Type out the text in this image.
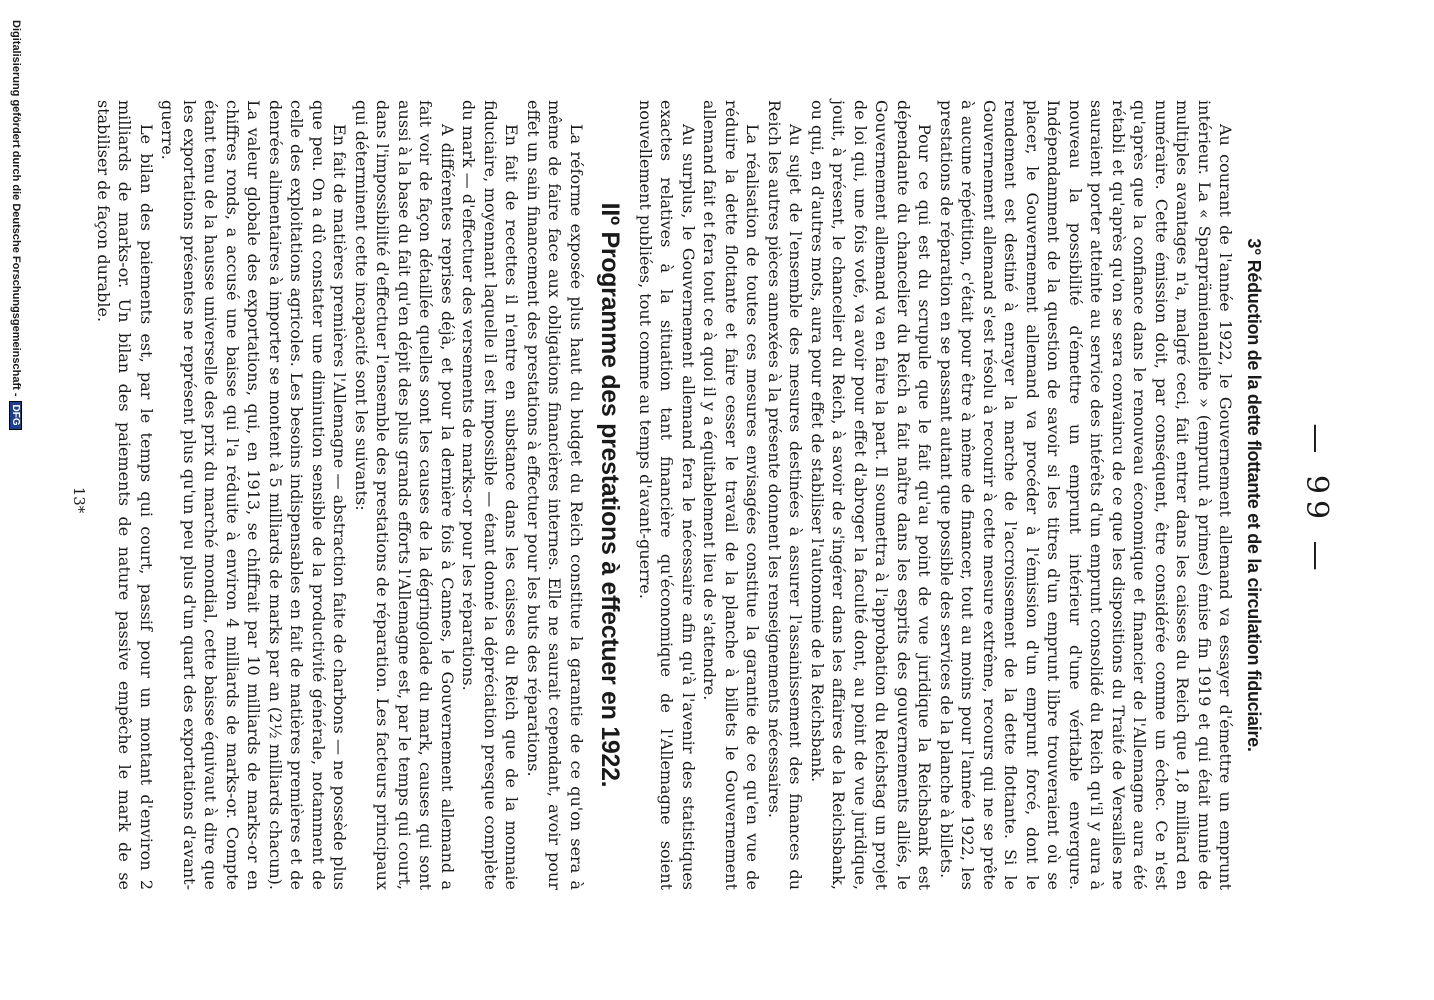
— 99 —
3° Réduction de la dette flottante et de la circulation fiduciaire.

Au courant de l'année 1922, le Gouvernement allemand va essayer d'émettre un emprunt intérieur. La « Sparprämienanleihe » (emprunt à primes) émise fin 1919 et qui était munie de multiples avantages n'a, malgré ceci, fait entrer dans les caisses du Reich que 1,8 milliard en numéraire. Cette émission doit, par conséquent, être considérée comme un échec. Ce n'est qu'après que la confiance dans le renouveau économique et financier de l'Allemagne aura été rétabli et qu'après qu'on se sera convaincu de ce que les dispositions du Traité de Versailles ne sauraient porter atteinte au service des intérêts d'un emprunt consolidé du Reich qu'il y aura à nouveau la possibilité d'émettre un emprunt intérieur d'une véritable envergure. Indépendamment de la question de savoir si les titres d'un emprunt libre trouveraient où se placer, le Gouvernement allemand va procéder à l'émission d'un emprunt forcé, dont le rendement est destiné à enrayer la marche de l'accroissement de la dette flottante. Si le Gouvernement allemand s'est résolu à recourir à cette mesure extrême, recours qui ne se prête à aucune répétition, c'était pour être à même de financer, tout au moins pour l'année 1922, les prestations de réparation en se passant autant que possible des services de la planche à billets.

Pour ce qui est du scrupule que le fait qu'au point de vue juridique la Reichsbank est dépendante du chancelier du Reich a fait naître dans les esprits des gouvernements alliés, le Gouvernement allemand va en faire la part. Il soumettra à l'approbation du Reichstag un projet de loi qui, une fois voté, va avoir pour effet d'abroger la faculté dont, au point de vue juridique, jouit, à présent, le chancelier du Reich, à savoir de s'ingérer dans les affaires de la Reichsbank, ou qui, en d'autres mots, aura pour effet de stabiliser l'autonomie de la Reichsbank.

Au sujet de l'ensemble des mesures destinées à assurer l'assainissement des finances du Reich les autres pièces annexées à la présente donnent les renseignements nécessaires.

La réalisation de toutes ces mesures envisagées constitue la garantie de ce qu'en vue de réduire la dette flottante et faire cesser le travail de la planche à billets le Gouvernement allemand fait et fera tout ce à quoi il y a équitablement lieu de s'attendre.

Au surplus, le Gouvernement allemand fera le nécessaire afin qu'à l'avenir des statistiques exactes relatives à la situation tant financière qu'économique de l'Allemagne soient nouvellement publiées, tout comme au temps d'avant-guerre.

IIº Programme des prestations à effectuer en 1922.

La réforme exposée plus haut du budget du Reich constitue la garantie de ce qu'on sera à même de faire face aux obligations financières internes. Elle ne saurait cependant, avoir pour effet un sain financement des prestations à effectuer pour les buts des réparations.

En fait de recettes il n'entre en substance dans les caisses du Reich que de la monnaie fiduciaire, moyennant laquelle il est impossible — étant donné la dépréciation presque complète du mark — d'effectuer des versements de marks-or pour les réparations.

A différentes reprises déjà, et pour la dernière fois à Cannes, le Gouvernement allemand a fait voir de façon détaillée quelles sont les causes de la dégringolade du mark, causes qui sont aussi à la base du fait qu'en dépit des plus grands efforts l'Allemagne est, par le temps qui court, dans l'impossibilité d'effectuer l'ensemble des prestations de réparation. Les facteurs principaux qui déterminent cette incapacité sont les suivants:

En fait de matières premières l'Allemagne — abstraction faite de charbons — ne possède plus que peu. On a dû constater une diminution sensible de la productivité générale, notamment de celle des exploitations agricoles. Les besoins indispensables en fait de matières premières et de denrées alimentaires à importer se montent à 5 milliards de marks par an (2½ milliards chacun). La valeur globale des exportations, qui, en 1913, se chiffrait par 10 milliards de marks-or en chiffres ronds, a accusé une baisse qui l'a réduite à environ 4 milliards de marks-or. Compte étant tenu de la hausse universelle des prix du marché mondial, cette baisse équivaut à dire que les exportations présentes ne représent plus qu'un peu plus d'un quart des exportations d'avant-guerre.

Le bilan des paiements est, par le temps qui court, passif pour un montant d'environ 2 milliards de marks-or. Un bilan des paiements de nature passive empêche le mark de se stabiliser de façon durable.

13*
Digitalisierung gefördert durch die Deutsche Forschungsgemeinschaft -DFG
